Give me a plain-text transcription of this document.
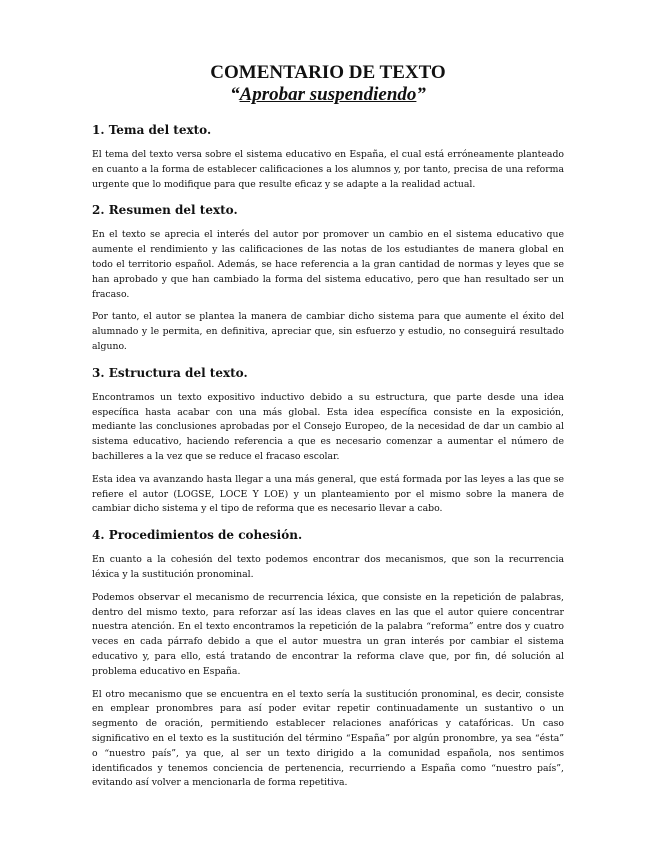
COMENTARIO DE TEXTO
“Aprobar suspendiendo”
1. Tema del texto.

El tema del texto versa sobre el sistema educativo en España, el cual está erróneamente planteado en cuanto a la forma de establecer calificaciones a los alumnos y, por tanto, precisa de una reforma urgente que lo modifique para que resulte eficaz y se adapte a la realidad actual.

2. Resumen del texto.

En el texto se aprecia el interés del autor por promover un cambio en el sistema educativo que aumente el rendimiento y las calificaciones de las notas de los estudiantes de manera global en todo el territorio español. Además, se hace referencia a la gran cantidad de normas y leyes que se han aprobado y que han cambiado la forma del sistema educativo, pero que han resultado ser un fracaso.

Por tanto, el autor se plantea la manera de cambiar dicho sistema para que aumente el éxito del alumnado y le permita, en definitiva, apreciar que, sin esfuerzo y estudio, no conseguirá resultado alguno.

3. Estructura del texto.

Encontramos un texto expositivo inductivo debido a su estructura, que parte desde una idea específica hasta acabar con una más global. Esta idea específica consiste en la exposición, mediante las conclusiones aprobadas por el Consejo Europeo, de la necesidad de dar un cambio al sistema educativo, haciendo referencia a que es necesario comenzar a aumentar el número de bachilleres a la vez que se reduce el fracaso escolar.

Esta idea va avanzando hasta llegar a una más general, que está formada por las leyes a las que se refiere el autor (LOGSE, LOCE Y LOE) y un planteamiento por el mismo sobre la manera de cambiar dicho sistema y el tipo de reforma que es necesario llevar a cabo.

4. Procedimientos de cohesión.

En cuanto a la cohesión del texto podemos encontrar dos mecanismos, que son la recurrencia léxica y la sustitución pronominal.

Podemos observar el mecanismo de recurrencia léxica, que consiste en la repetición de palabras, dentro del mismo texto, para reforzar así las ideas claves en las que el autor quiere concentrar nuestra atención. En el texto encontramos la repetición de la palabra “reforma” entre dos y cuatro veces en cada párrafo debido a que el autor muestra un gran interés por cambiar el sistema educativo y, para ello, está tratando de encontrar la reforma clave que, por fin, dé solución al problema educativo en España.

El otro mecanismo que se encuentra en el texto sería la sustitución pronominal, es decir, consiste en emplear pronombres para así poder evitar repetir continuadamente un sustantivo o un segmento de oración, permitiendo establecer relaciones anafóricas y catafóricas. Un caso significativo en el texto es la sustitución del término “España” por algún pronombre, ya sea “ésta” o “nuestro país”, ya que, al ser un texto dirigido a la comunidad española, nos sentimos identificados y tenemos conciencia de pertenencia, recurriendo a España como “nuestro país”, evitando así volver a mencionarla de forma repetitiva.
